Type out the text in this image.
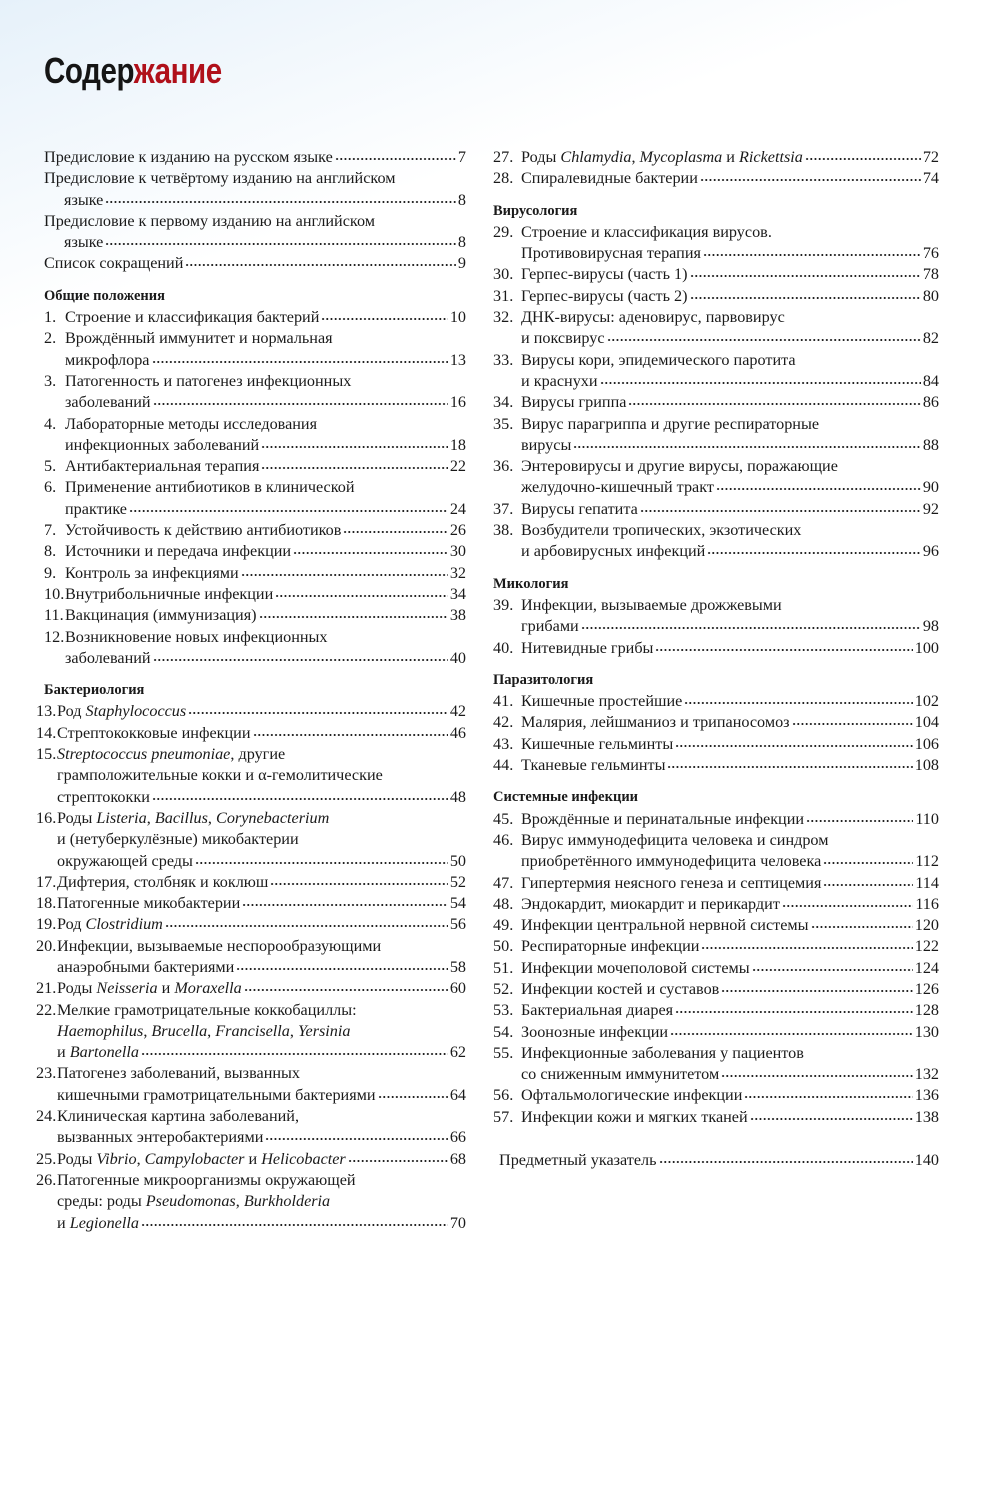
Содержание
Предисловие к изданию на русском языке	7
Предисловие к четвёртому изданию на английском
языке	8
Предисловие к первому изданию на английском
языке	8
Список сокращений	9
Общие положения
1. Строение и классификация бактерий	10
2. Врождённый иммунитет и нормальная
микрофлора	13
3. Патогенность и патогенез инфекционных
заболеваний	16
4. Лабораторные методы исследования
инфекционных заболеваний	18
5. Антибактериальная терапия	22
6. Применение антибиотиков в клинической
практике	24
7. Устойчивость к действию антибиотиков	26
8. Источники и передача инфекции	30
9. Контроль за инфекциями	32
10. Внутрибольничные инфекции	34
11. Вакцинация (иммунизация)	38
12. Возникновение новых инфекционных
заболеваний	40
Бактериология
13. Род Staphylococcus	42
14. Стрептококковые инфекции	46
15. Streptococcus pneumoniae, другие
грамположительные кокки и α-гемолитические
стрептококки	48
16. Роды Listeria, Bacillus, Corynebacterium
и (нетуберкулёзные) микобактерии
окружающей среды	50
17. Дифтерия, столбняк и коклюш	52
18. Патогенные микобактерии	54
19. Род Clostridium	56
20. Инфекции, вызываемые неспорообразующими
анаэробными бактериями	58
21. Роды Neisseria и Moraxella	60
22. Мелкие грамотрицательные коккобациллы:
Haemophilus, Brucella, Francisella, Yersinia
и Bartonella	62
23. Патогенез заболеваний, вызванных
кишечными грамотрицательными бактериями	64
24. Клиническая картина заболеваний,
вызванных энтеробактериями	66
25. Роды Vibrio, Campylobacter и Helicobacter	68
26. Патогенные микроорганизмы окружающей
среды: роды Pseudomonas, Burkholderia
и Legionella	70
27. Роды Chlamydia, Mycoplasma и Rickettsia	72
28. Спиралевидные бактерии	74
Вирусология
29. Строение и классификация вирусов.
Противовирусная терапия	76
30. Герпес-вирусы (часть 1)	78
31. Герпес-вирусы (часть 2)	80
32. ДНК-вирусы: аденовирус, парвовирус
и поксвирус	82
33. Вирусы кори, эпидемического паротита
и краснухи	84
34. Вирусы гриппа	86
35. Вирус парагриппа и другие респираторные
вирусы	88
36. Энтеровирусы и другие вирусы, поражающие
желудочно-кишечный тракт	90
37. Вирусы гепатита	92
38. Возбудители тропических, экзотических
и арбовирусных инфекций	96
Микология
39. Инфекции, вызываемые дрожжевыми
грибами	98
40. Нитевидные грибы	100
Паразитология
41. Кишечные простейшие	102
42. Малярия, лейшманиоз и трипаносомоз	104
43. Кишечные гельминты	106
44. Тканевые гельминты	108
Системные инфекции
45. Врождённые и перинатальные инфекции	110
46. Вирус иммунодефицита человека и синдром
приобретённого иммунодефицита человека	112
47. Гипертермия неясного генеза и септицемия	114
48. Эндокардит, миокардит и перикардит	116
49. Инфекции центральной нервной системы	120
50. Респираторные инфекции	122
51. Инфекции мочеполовой системы	124
52. Инфекции костей и суставов	126
53. Бактериальная диарея	128
54. Зоонозные инфекции	130
55. Инфекционные заболевания у пациентов
со сниженным иммунитетом	132
56. Офтальмологические инфекции	136
57. Инфекции кожи и мягких тканей	138
Предметный указатель	140
